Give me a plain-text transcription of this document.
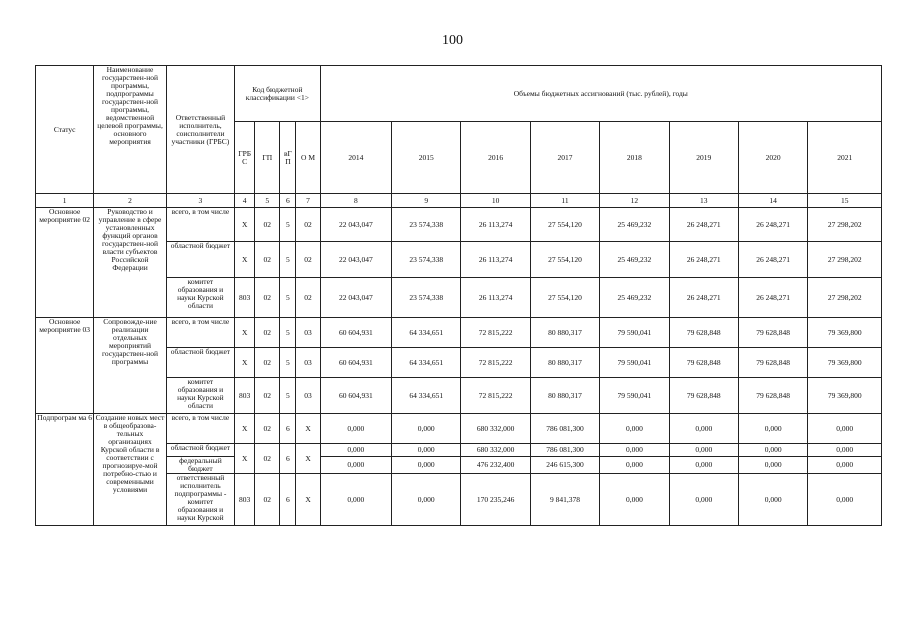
100
Статус	Наименование государствен-ной программы, подпрограммы государствен-ной программы, ведомственной целевой программы, основного мероприятия	Ответственный исполнитель, соисполнители участники (ГРБС)	Код бюджетной классификации <1>				Объемы бюджетных ассигнований (тыс. рублей), годы							
			ГРБ С	ГП	вГ П	О М	2014	2015	2016	2017	2018	2019	2020	2021
1	2	3	4	5	6	7	8	9	10	11	12	13	14	15
Основное мероприятие 02	Руководство и управление в сфере установленных функций органов государствен-ной власти субъектов Российской Федерации	всего, в том числе	Х	02	5	02	22 043,047	23 574,338	26 113,274	27 554,120	25 469,232	26 248,271	26 248,271	27 298,202
		областной бюджет	Х	02	5	02	22 043,047	23 574,338	26 113,274	27 554,120	25 469,232	26 248,271	26 248,271	27 298,202
		комитет образования и науки Курской области	803	02	5	02	22 043,047	23 574,338	26 113,274	27 554,120	25 469,232	26 248,271	26 248,271	27 298,202
Основное мероприятие 03	Сопровожде-ние реализации отдельных мероприятий государствен-ной программы	всего, в том числе	Х	02	5	03	60 604,931	64 334,651	72 815,222	80 880,317	79 590,041	79 628,848	79 628,848	79 369,800
		областной бюджет	Х	02	5	03	60 604,931	64 334,651	72 815,222	80 880,317	79 590,041	79 628,848	79 628,848	79 369,800
		комитет образования и науки Курской области	803	02	5	03	60 604,931	64 334,651	72 815,222	80 880,317	79 590,041	79 628,848	79 628,848	79 369,800
Подпрограм ма 6	Создание новых мест в общеобразова-тельных организациях Курской области в соответствии с прогнозируе-мой потребно-стью и современными условиями	всего, в том числе	Х	02	6	Х	0,000	0,000	680 332,000	786 081,300	0,000	0,000	0,000	0,000
		областной бюджет	Х	02	6	Х	0,000	0,000	680 332,000	786 081,300	0,000	0,000	0,000	0,000
		федеральный бюджет					0,000	0,000	476 232,400	246 615,300	0,000	0,000	0,000	0,000
		ответственный исполнитель подпрограммы - комитет образования и науки Курской	803	02	6	Х	0,000	0,000	170 235,246	9 841,378	0,000	0,000	0,000	0,000
